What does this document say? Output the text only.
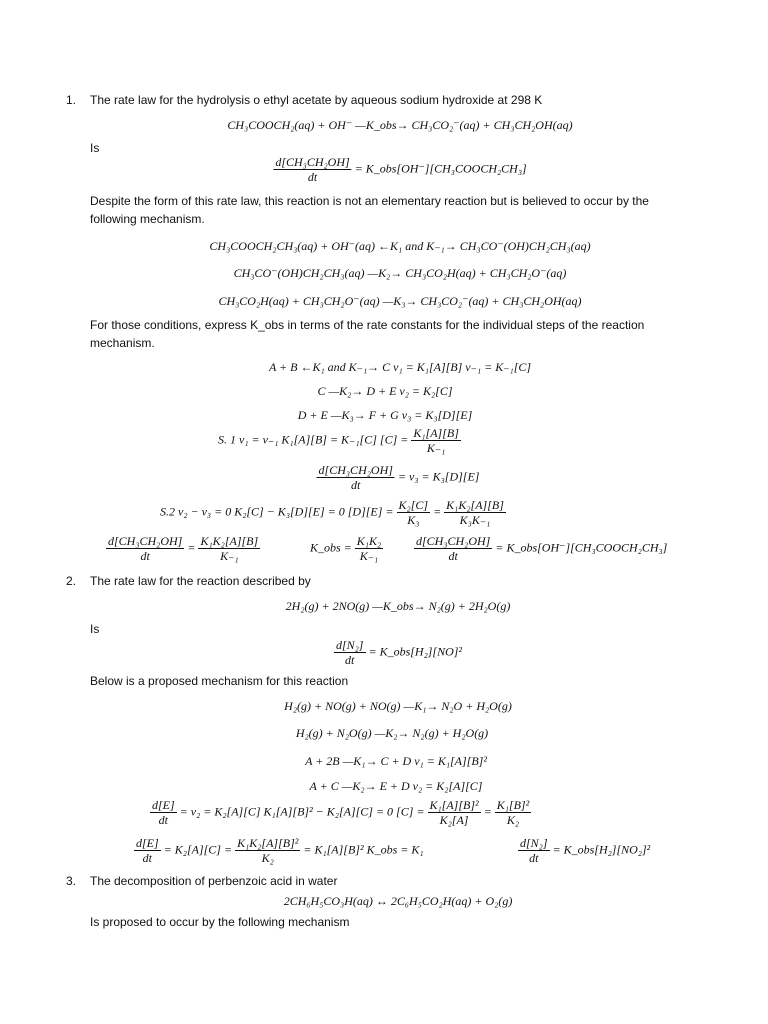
1. The rate law for the hydrolysis o ethyl acetate by aqueous sodium hydroxide at 298 K
CH₃COOCH₂(aq) + OH⁻ —K_obs→ CH₃CO₂⁻(aq) + CH₃CH₂OH(aq)
Is
$\frac{\text{d[CH₃CH₂OH]}}{dt}$ = K_obs[OH⁻][CH₃COOCH₂CH₃]
Despite the form of this rate law, this reaction is not an elementary reaction but is believed to occur by the
following mechanism.
CH₃COOCH₂CH₃(aq) + OH⁻(aq) ←K₁ and K₋₁→ CH₃CO⁻(OH)CH₂CH₃(aq)
CH₃CO⁻(OH)CH₂CH₃(aq) —K₂→ CH₃CO₂H(aq) + CH₃CH₂O⁻(aq)
CH₃CO₂H(aq) + CH₃CH₂O⁻(aq) —K₃→ CH₃CO₂⁻(aq) + CH₃CH₂OH(aq)
For those conditions, express K_obs in terms of the rate constants for the individual steps of the reaction
mechanism.
A + B ←K₁ and K₋₁→ C v₁ = K₁[A][B] v₋₁ = K₋₁[C]
C —K₂→ D + E v₂ = K₂[C]
D + E —K₃→ F + G v₃ = K₃[D][E]
S. 1 v₁ = v₋₁ K₁[A][B] = K₋₁[C] $[C] = \frac{\text{K₁[A][B]}}{\text{K₋₁}}$
$\frac{\text{d[CH₃CH₂OH]}}{dt} = v_3 = K_3[D][E]$
S.2 v₂ − v₃ = 0 K₂[C] − K₃[D][E] = 0 $[D][E] = \frac{\text{K₂[C]}}{\text{K₃}} = \frac{\text{K₁K₂[A][B]}}{\text{K₃K₋₁}}$
$\frac{\text{d[CH₃CH₂OH]}}{dt} = \frac{\text{K₁K₂[A][B]}}{\text{K₋₁}}$	K_obs = $\frac{\text{K₁K₂}}{\text{K₋₁}}$	$\frac{\text{d[CH₃CH₂OH]}}{dt}$ = K_obs[OH⁻][CH₃COOCH₂CH₃]
2. The rate law for the reaction described by
2H₂(g) + 2NO(g) —K_obs→ N₂(g) + 2H₂O(g)
Is
$\frac{\text{d[N₂]}}{dt}$ = K_obs[H₂][NO]²
Below is a proposed mechanism for this reaction
H₂(g) + NO(g) + NO(g) —K₁→ N₂O + H₂O(g)
H₂(g) + N₂O(g) —K₂→ N₂(g) + H₂O(g)
A + 2B —K₁→ C + D v₁ = K₁[A][B]²
A + C —K₂→ E + D v₂ = K₂[A][C]
$\frac{d[E]}{dt} = v_2 = K_2[A][C] K_1[A][B]^2 - K_2[A][C] = 0$ $[C] = \frac{\text{K₁[A][B]²}}{\text{K₂[A]}} = \frac{\text{K₁[B]²}}{\text{K₂}}$
$\frac{d[E]}{dt} = K_2[A][C] = \frac{\text{K₁K₂[A][B]²}}{\text{K₂}} = K_1[A][B]^2$ K_obs = K₁	$\frac{\text{d[N₂]}}{dt}$ = K_obs[H₂][NO₂]²
3. The decomposition of perbenzoic acid in water
2CH₆H₅CO₃H(aq) ↔ 2C₆H₅CO₂H(aq) + O₂(g)
Is proposed to occur by the following mechanism
